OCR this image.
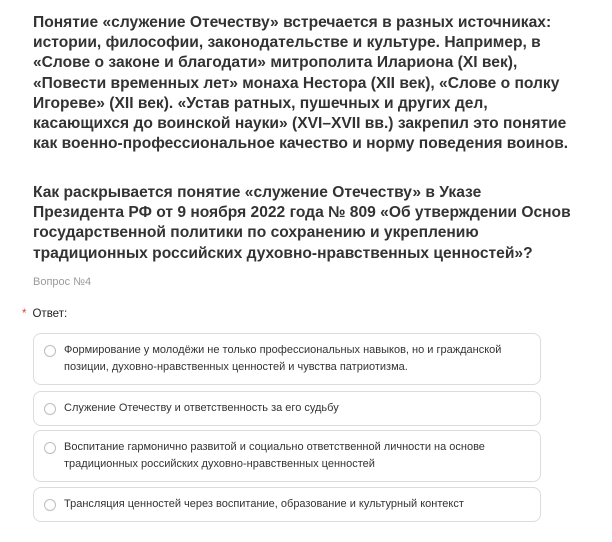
Понятие «служение Отечеству» встречается в разных источниках: истории, философии, законодательстве и культуре. Например, в «Слове о законе и благодати» митрополита Илариона (XI век), «Повести временных лет» монаха Нестора (XII век), «Слове о полку Игореве» (XII век). «Устав ратных, пушечных и других дел, касающихся до воинской науки» (XVI–XVII вв.) закрепил это понятие как военно-профессиональное качество и норму поведения воинов.

Как раскрывается понятие «служение Отечеству» в Указе Президента РФ от 9 ноября 2022 года № 809 «Об утверждении Основ государственной политики по сохранению и укреплению традиционных российских духовно-нравственных ценностей»?

Вопрос №4
* Ответ:
Формирование у молодёжи не только профессиональных навыков, но и гражданской позиции, духовно-нравственных ценностей и чувства патриотизма.
Служение Отечеству и ответственность за его судьбу
Воспитание гармонично развитой и социально ответственной личности на основе традиционных российских духовно-нравственных ценностей
Трансляция ценностей через воспитание, образование и культурный контекст
